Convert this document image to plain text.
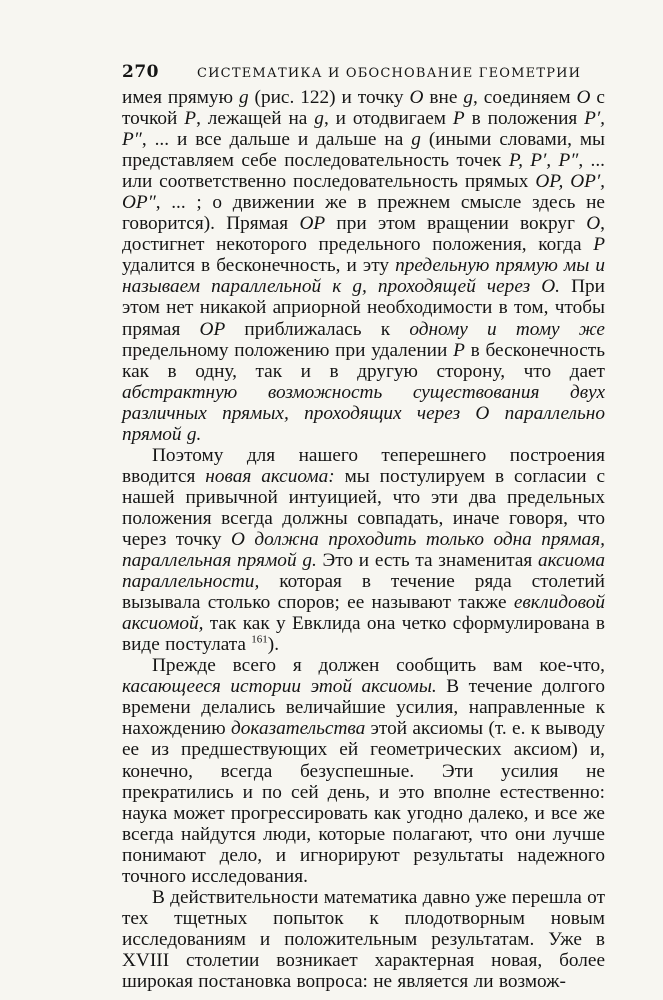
270	СИСТЕМАТИКА И ОБОСНОВАНИЕ ГЕОМЕТРИИ

имея прямую g (рис. 122) и точку O вне g, соединяем O с точкой P, лежащей на g, и отодвигаем P в положения P′, P″, ... и все дальше и дальше на g (иными словами, мы представляем себе последовательность точек P, P′, P″, ... или соответственно последовательность прямых OP, OP′, OP″, ... ; о движении же в прежнем смысле здесь не говорится). Прямая OP при этом вращении вокруг O, достигнет некоторого предельного положения, когда P удалится в бесконечность, и эту предельную прямую мы и называем параллельной к g, проходящей через O. При этом нет никакой априорной необходимости в том, чтобы прямая OP приближалась к одному и тому же предельному положению при удалении P в бесконечность как в одну, так и в другую сторону, что дает абстрактную возможность существования двух различных прямых, проходящих через O параллельно прямой g.

Поэтому для нашего теперешнего построения вводится новая аксиома: мы постулируем в согласии с нашей привычной интуицией, что эти два предельных положения всегда должны совпадать, иначе говоря, что через точку O должна проходить только одна прямая, параллельная прямой g. Это и есть та знаменитая аксиома параллельности, которая в течение ряда столетий вызывала столько споров; ее называют также евклидовой аксиомой, так как у Евклида она четко сформулирована в виде постулата $^{161}$).

Прежде всего я должен сообщить вам кое-что, касающееся истории этой аксиомы. В течение долгого времени делались величайшие усилия, направленные к нахождению доказательства этой аксиомы (т. е. к выводу ее из предшествующих ей геометрических аксиом) и, конечно, всегда безуспешные. Эти усилия не прекратились и по сей день, и это вполне естественно: наука может прогрессировать как угодно далеко, и все же всегда найдутся люди, которые полагают, что они лучше понимают дело, и игнорируют результаты надежного точного исследования.

В действительности математика давно уже перешла от тех тщетных попыток к плодотворным новым исследованиям и положительным результатам. Уже в XVIII столетии возникает характерная новая, более широкая постановка вопроса: не является ли возмож-
